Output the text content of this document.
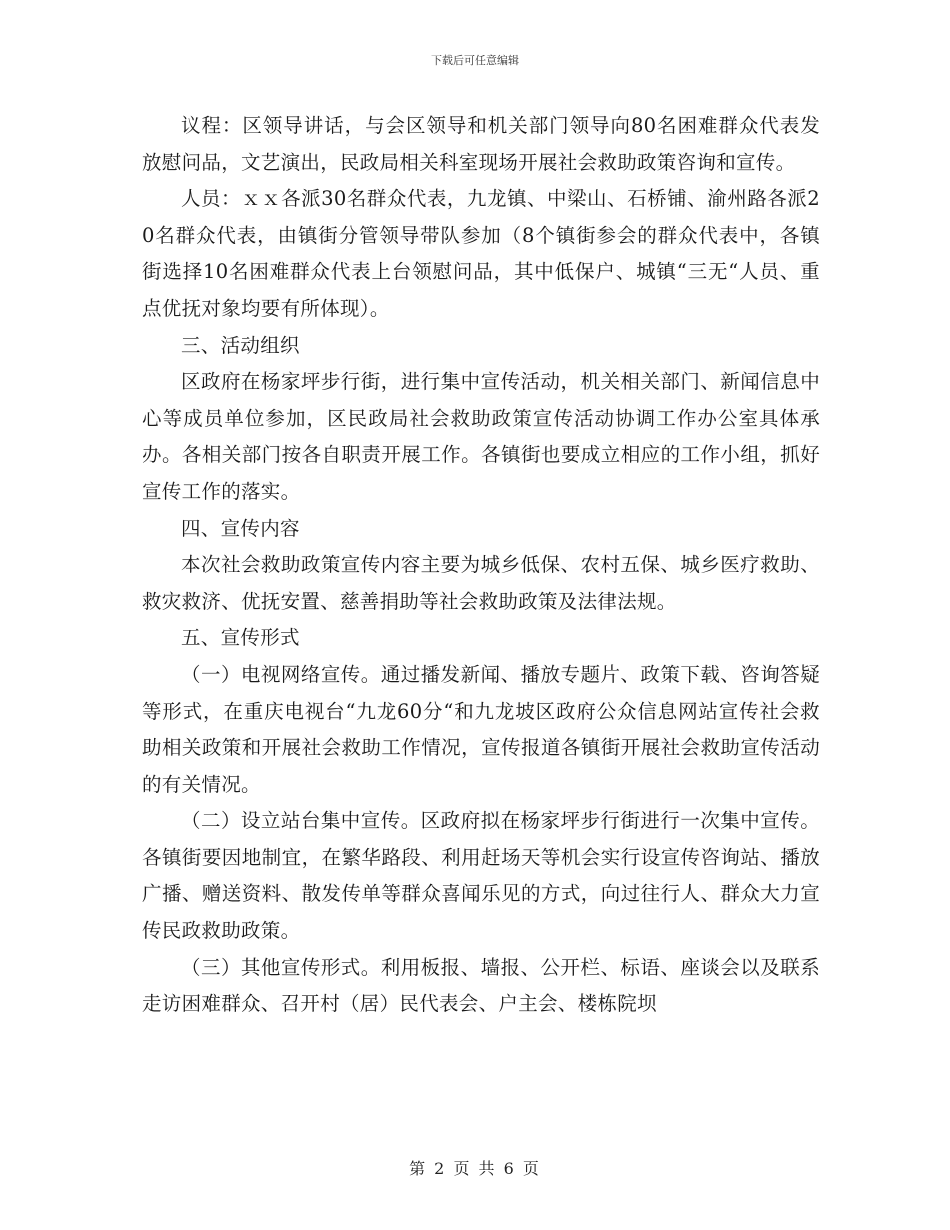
下载后可任意编辑

议程：区领导讲话，与会区领导和机关部门领导向80名困难群众代表发放慰问品，文艺演出，民政局相关科室现场开展社会救助政策咨询和宣传。

人员：ｘｘ各派30名群众代表，九龙镇、中梁山、石桥铺、渝州路各派20名群众代表，由镇街分管领导带队参加（8个镇街参会的群众代表中，各镇街选择10名困难群众代表上台领慰问品，其中低保户、城镇“三无“人员、重点优抚对象均要有所体现）。

三、活动组织

区政府在杨家坪步行街，进行集中宣传活动，机关相关部门、新闻信息中心等成员单位参加，区民政局社会救助政策宣传活动协调工作办公室具体承办。各相关部门按各自职责开展工作。各镇街也要成立相应的工作小组，抓好宣传工作的落实。

四、宣传内容

本次社会救助政策宣传内容主要为城乡低保、农村五保、城乡医疗救助、救灾救济、优抚安置、慈善捐助等社会救助政策及法律法规。

五、宣传形式

（一）电视网络宣传。通过播发新闻、播放专题片、政策下载、咨询答疑等形式，在重庆电视台“九龙60分“和九龙坡区政府公众信息网站宣传社会救助相关政策和开展社会救助工作情况，宣传报道各镇街开展社会救助宣传活动的有关情况。

（二）设立站台集中宣传。区政府拟在杨家坪步行街进行一次集中宣传。各镇街要因地制宜，在繁华路段、利用赶场天等机会实行设宣传咨询站、播放广播、赠送资料、散发传单等群众喜闻乐见的方式，向过往行人、群众大力宣传民政救助政策。

（三）其他宣传形式。利用板报、墙报、公开栏、标语、座谈会以及联系走访困难群众、召开村（居）民代表会、户主会、楼栋院坝

第 2 页 共 6 页
